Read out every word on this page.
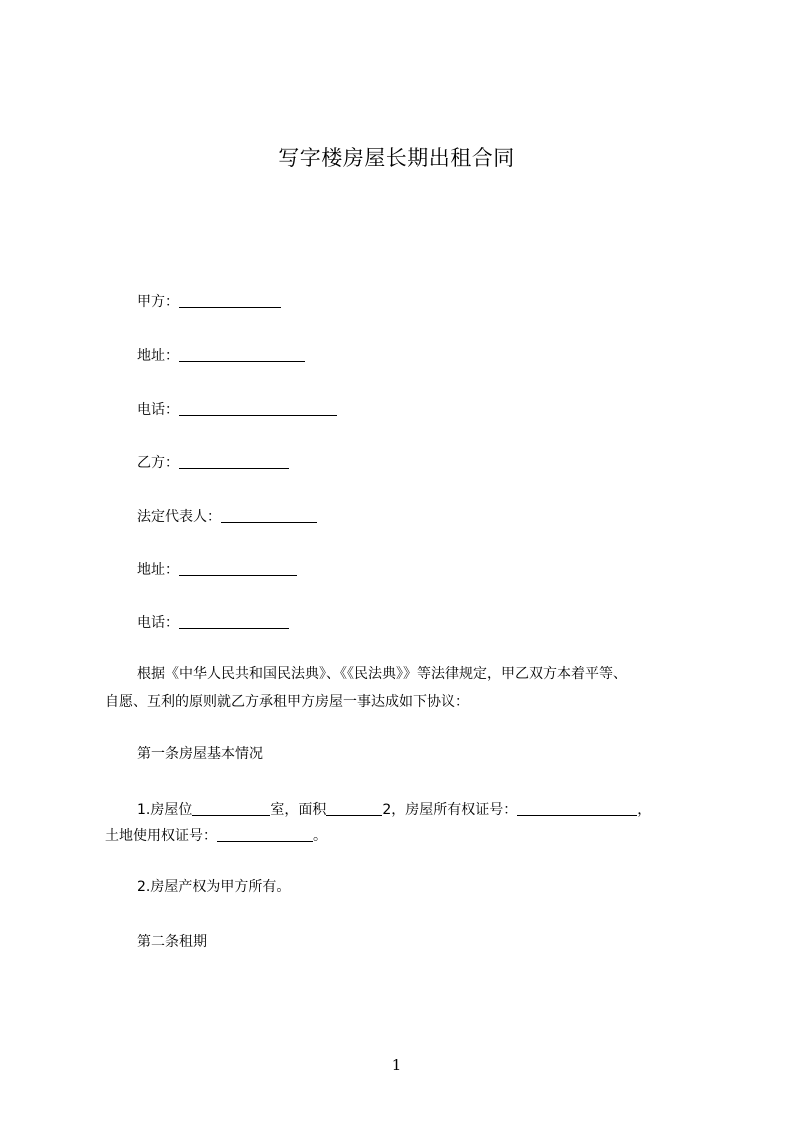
写字楼房屋长期出租合同
甲方：
地址：
电话：
乙方：
法定代表人：
地址：
电话：
根据《中华人民共和国民法典》、《《民法典》》等法律规定，甲乙双方本着平等、
自愿、互利的原则就乙方承租甲方房屋一事达成如下协议：
第一条房屋基本情况
1.房屋位	室，面积	2，房屋所有权证号：	，
土地使用权证号：	。
2.房屋产权为甲方所有。
第二条租期
1
